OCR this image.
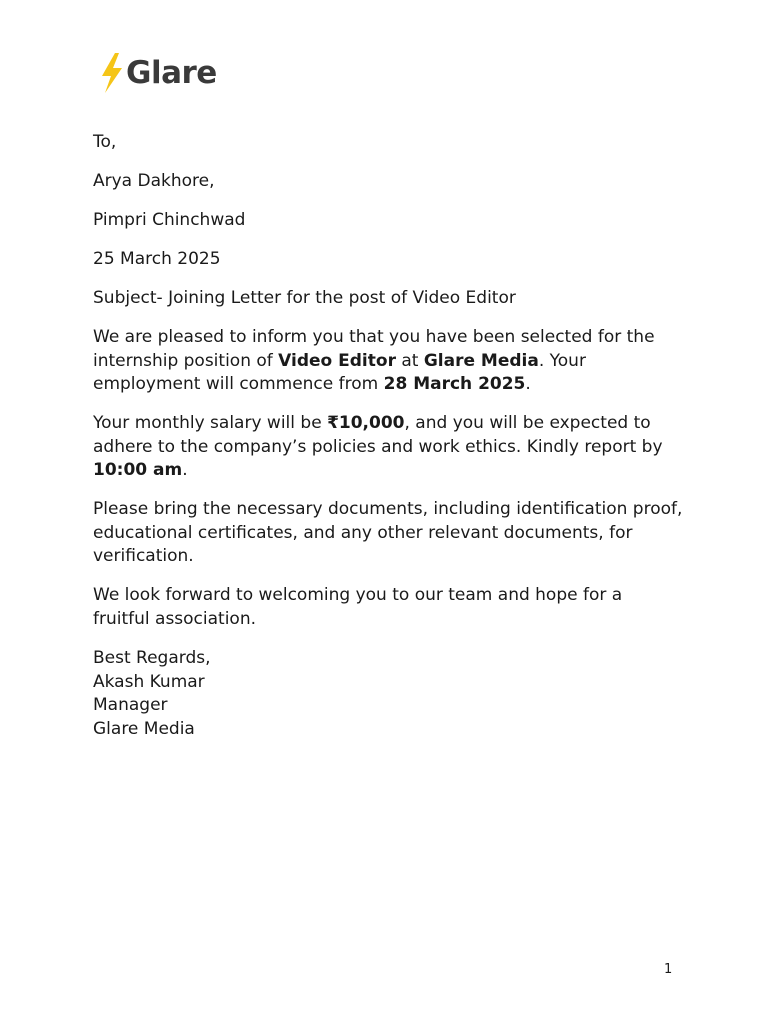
Glare

To,

Arya Dakhore,

Pimpri Chinchwad

25 March 2025

Subject- Joining Letter for the post of Video Editor

We are pleased to inform you that you have been selected for the internship position of Video Editor at Glare Media. Your employment will commence from 28 March 2025.

Your monthly salary will be ₹10,000, and you will be expected to adhere to the company’s policies and work ethics. Kindly report by 10:00 am.

Please bring the necessary documents, including identification proof, educational certificates, and any other relevant documents, for verification.

We look forward to welcoming you to our team and hope for a fruitful association.

Best Regards,
Akash Kumar
Manager
Glare Media

1
